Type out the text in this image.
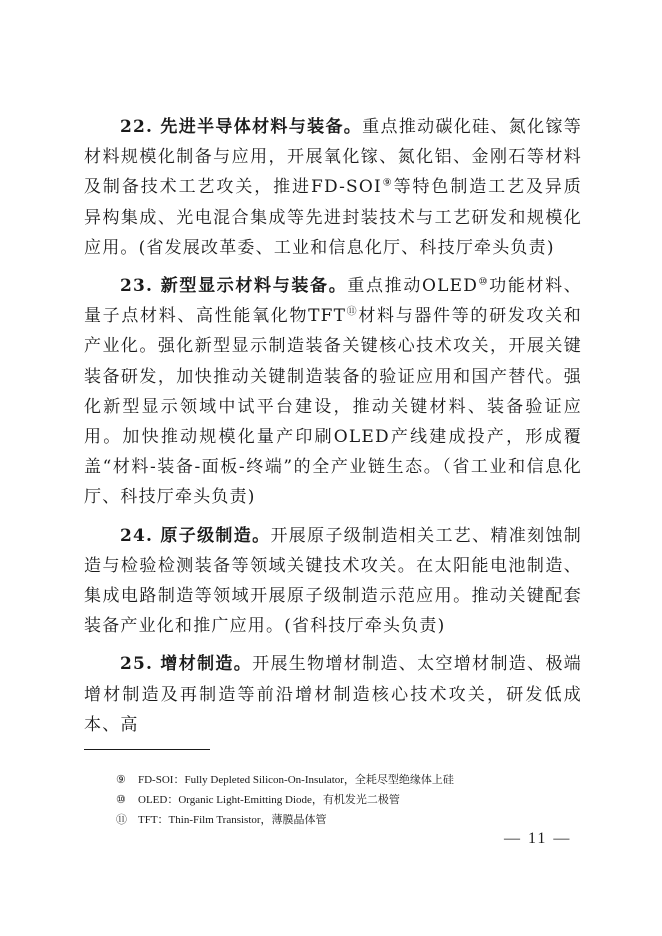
22. 先进半导体材料与装备。重点推动碳化硅、氮化镓等材料规模化制备与应用，开展氧化镓、氮化铝、金刚石等材料及制备技术工艺攻关，推进FD-SOI⑨等特色制造工艺及异质异构集成、光电混合集成等先进封装技术与工艺研发和规模化应用。(省发展改革委、工业和信息化厅、科技厅牵头负责)

23. 新型显示材料与装备。重点推动OLED⑩功能材料、量子点材料、高性能氧化物TFT⑪材料与器件等的研发攻关和产业化。强化新型显示制造装备关键核心技术攻关，开展关键装备研发，加快推动关键制造装备的验证应用和国产替代。强化新型显示领域中试平台建设，推动关键材料、装备验证应用。加快推动规模化量产印刷OLED产线建成投产，形成覆盖“材料-装备-面板-终端”的全产业链生态。（省工业和信息化厅、科技厅牵头负责)

24. 原子级制造。开展原子级制造相关工艺、精准刻蚀制造与检验检测装备等领域关键技术攻关。在太阳能电池制造、集成电路制造等领域开展原子级制造示范应用。推动关键配套装备产业化和推广应用。(省科技厅牵头负责)

25. 增材制造。开展生物增材制造、太空增材制造、极端增材制造及再制造等前沿增材制造核心技术攻关，研发低成本、高

⑨ FD-SOI：Fully Depleted Silicon-On-Insulator，全耗尽型绝缘体上硅
⑩ OLED：Organic Light-Emitting Diode，有机发光二极管
⑪ TFT：Thin-Film Transistor，薄膜晶体管
— 11 —
